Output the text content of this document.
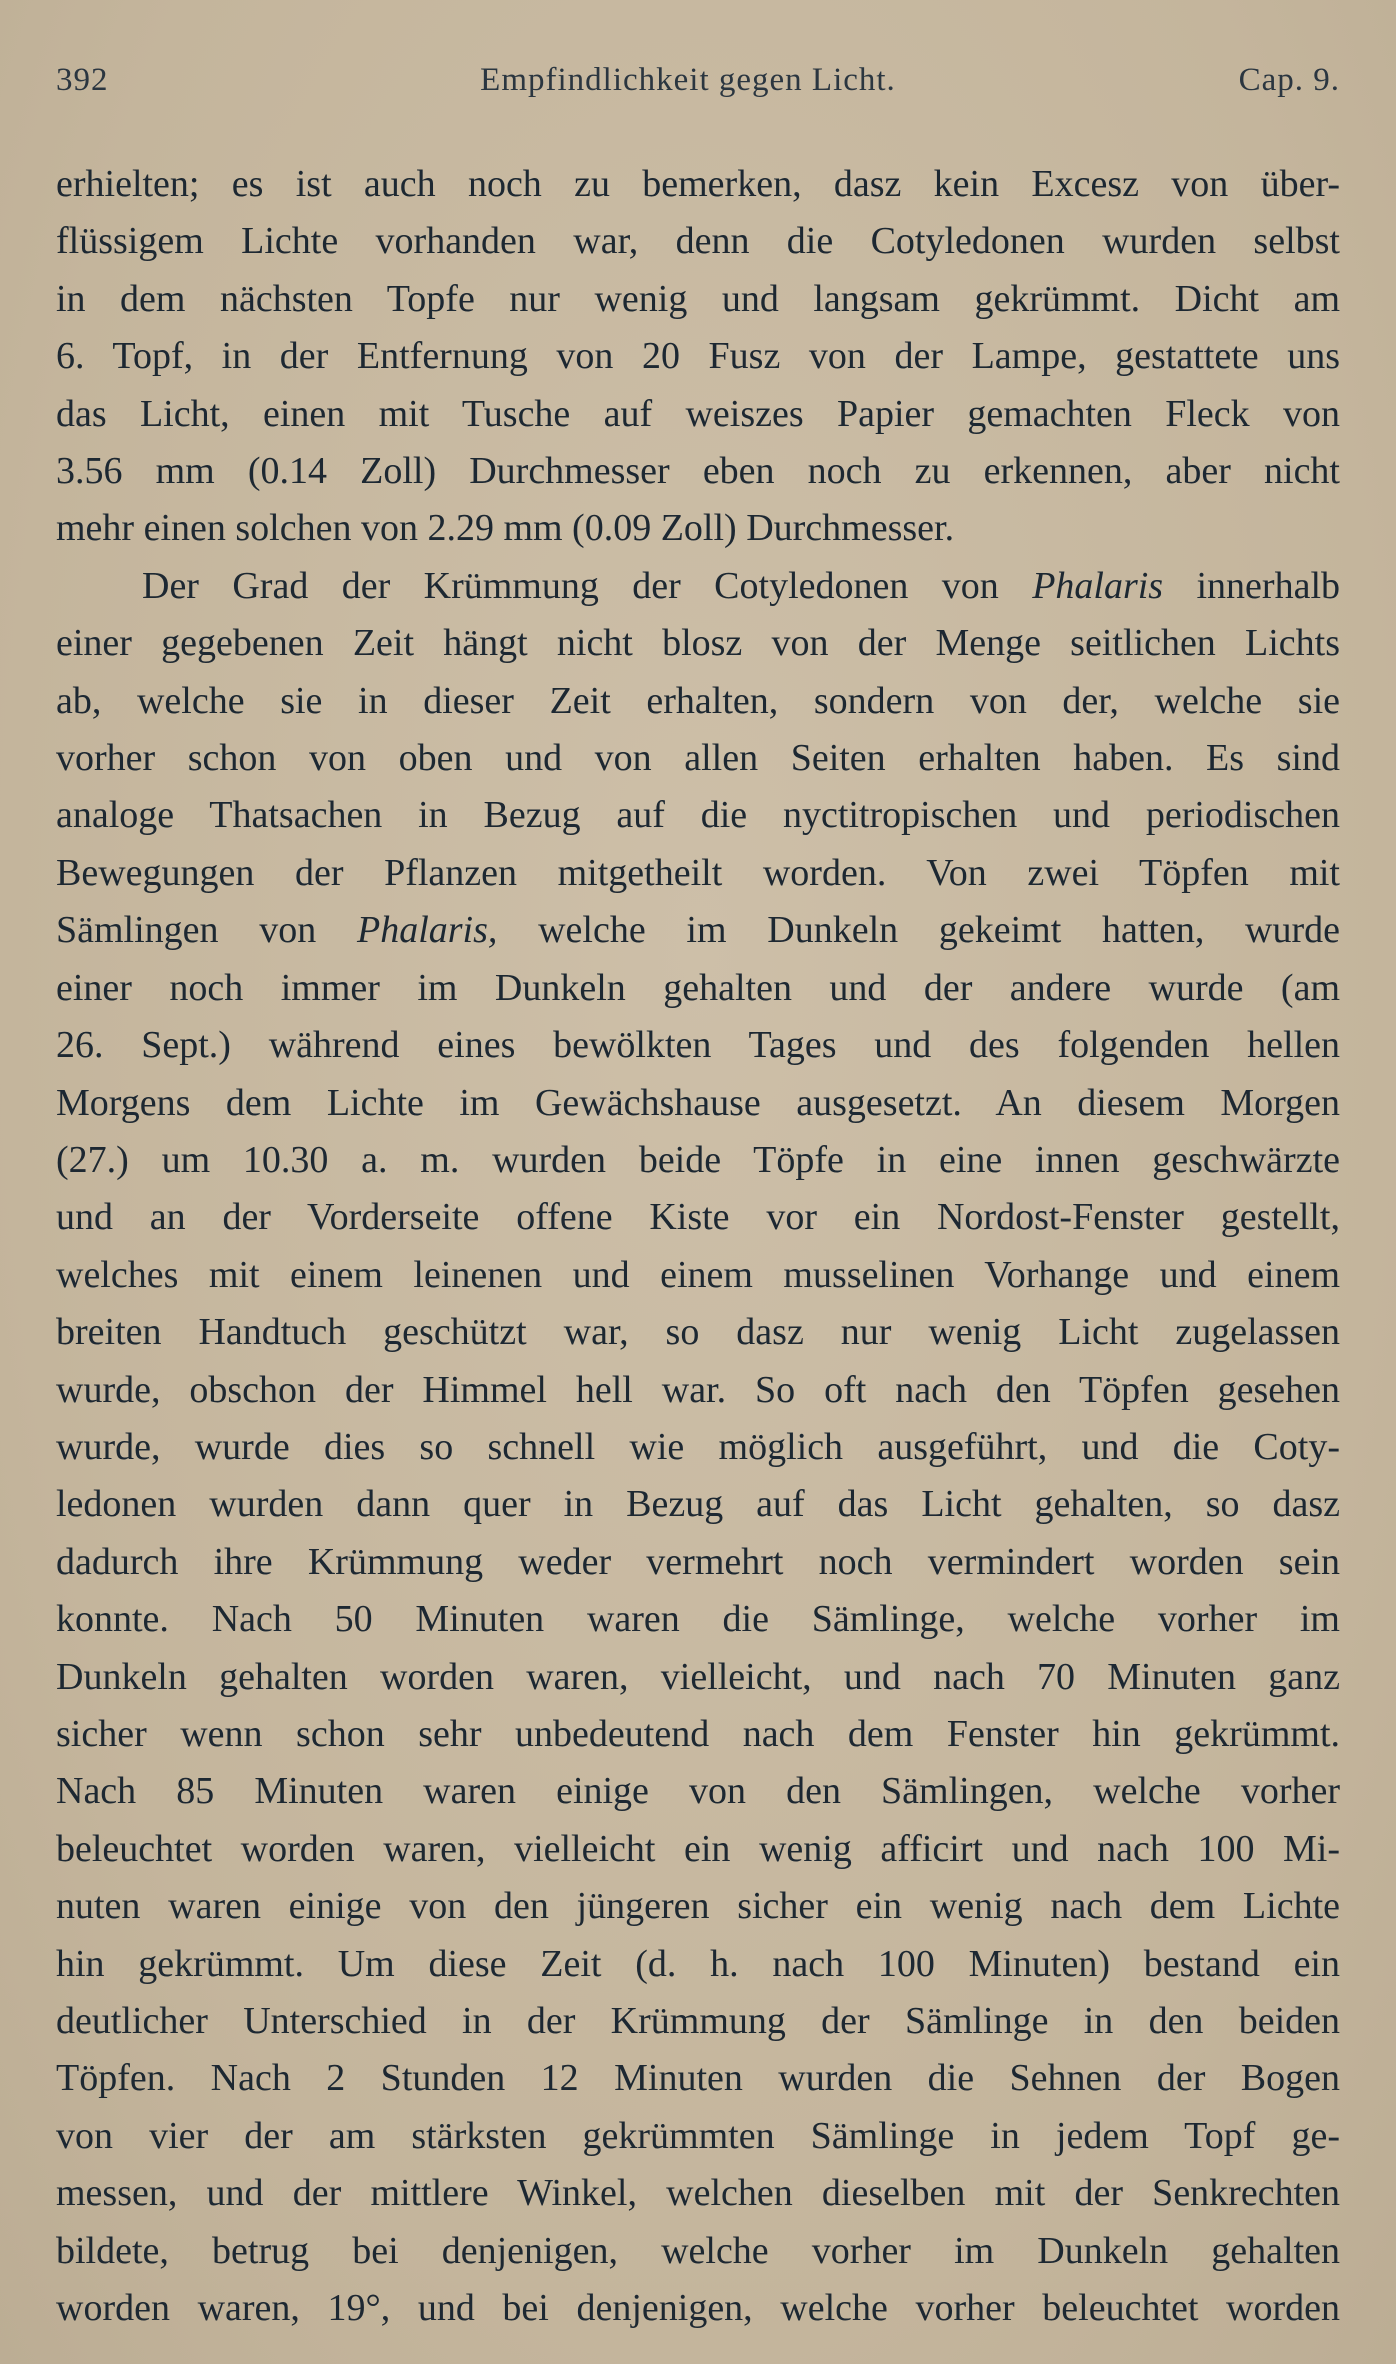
392	Empfindlichkeit gegen Licht.	Cap. 9.
erhielten; es ist auch noch zu bemerken, dasz kein Excesz von über-
flüssigem Lichte vorhanden war, denn die Cotyledonen wurden selbst
in dem nächsten Topfe nur wenig und langsam gekrümmt. Dicht am
6. Topf, in der Entfernung von 20 Fusz von der Lampe, gestattete uns
das Licht, einen mit Tusche auf weiszes Papier gemachten Fleck von
3.56 mm (0.14 Zoll) Durchmesser eben noch zu erkennen, aber nicht
mehr einen solchen von 2.29 mm (0.09 Zoll) Durchmesser.
Der Grad der Krümmung der Cotyledonen von Phalaris innerhalb
einer gegebenen Zeit hängt nicht blosz von der Menge seitlichen Lichts
ab, welche sie in dieser Zeit erhalten, sondern von der, welche sie
vorher schon von oben und von allen Seiten erhalten haben. Es sind
analoge Thatsachen in Bezug auf die nyctitropischen und periodischen
Bewegungen der Pflanzen mitgetheilt worden. Von zwei Töpfen mit
Sämlingen von Phalaris, welche im Dunkeln gekeimt hatten, wurde
einer noch immer im Dunkeln gehalten und der andere wurde (am
26. Sept.) während eines bewölkten Tages und des folgenden hellen
Morgens dem Lichte im Gewächshause ausgesetzt. An diesem Morgen
(27.) um 10.30 a. m. wurden beide Töpfe in eine innen geschwärzte
und an der Vorderseite offene Kiste vor ein Nordost-Fenster gestellt,
welches mit einem leinenen und einem musselinen Vorhange und einem
breiten Handtuch geschützt war, so dasz nur wenig Licht zugelassen
wurde, obschon der Himmel hell war. So oft nach den Töpfen gesehen
wurde, wurde dies so schnell wie möglich ausgeführt, und die Coty-
ledonen wurden dann quer in Bezug auf das Licht gehalten, so dasz
dadurch ihre Krümmung weder vermehrt noch vermindert worden sein
konnte. Nach 50 Minuten waren die Sämlinge, welche vorher im
Dunkeln gehalten worden waren, vielleicht, und nach 70 Minuten ganz
sicher wenn schon sehr unbedeutend nach dem Fenster hin gekrümmt.
Nach 85 Minuten waren einige von den Sämlingen, welche vorher
beleuchtet worden waren, vielleicht ein wenig afficirt und nach 100 Mi-
nuten waren einige von den jüngeren sicher ein wenig nach dem Lichte
hin gekrümmt. Um diese Zeit (d. h. nach 100 Minuten) bestand ein
deutlicher Unterschied in der Krümmung der Sämlinge in den beiden
Töpfen. Nach 2 Stunden 12 Minuten wurden die Sehnen der Bogen
von vier der am stärksten gekrümmten Sämlinge in jedem Topf ge-
messen, und der mittlere Winkel, welchen dieselben mit der Senkrechten
bildete, betrug bei denjenigen, welche vorher im Dunkeln gehalten
worden waren, 19°, und bei denjenigen, welche vorher beleuchtet worden
